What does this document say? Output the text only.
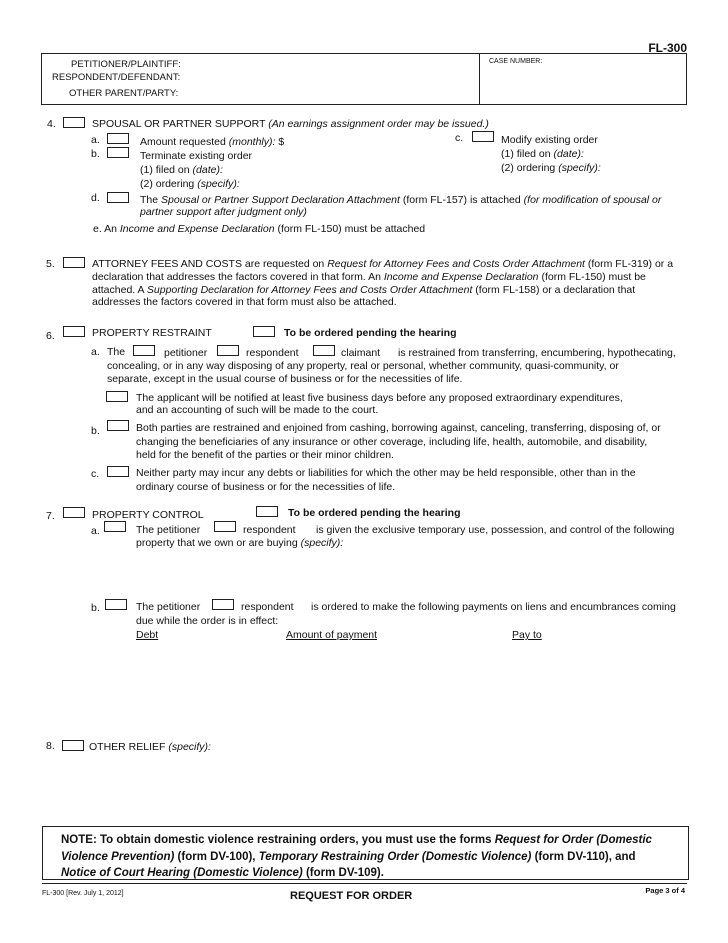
FL-300
PETITIONER/PLAINTIFF:
RESPONDENT/DEFENDANT:
OTHER PARENT/PARTY:
CASE NUMBER:
4.	SPOUSAL OR PARTNER SUPPORT (An earnings assignment order may be issued.)
a.	Amount requested (monthly): $
b.	Terminate existing order
(1) filed on (date):
(2) ordering (specify):
c.	Modify existing order
(1) filed on (date):
(2) ordering (specify):
d.	The Spousal or Partner Support Declaration Attachment (form FL-157) is attached (for modification of spousal or
partner support after judgment only)
e. An Income and Expense Declaration (form FL-150) must be attached
5.	ATTORNEY FEES AND COSTS are requested on Request for Attorney Fees and Costs Order Attachment (form FL-319) or a
declaration that addresses the factors covered in that form. An Income and Expense Declaration (form FL-150) must be
attached. A Supporting Declaration for Attorney Fees and Costs Order Attachment (form FL-158) or a declaration that
addresses the factors covered in that form must also be attached.
6.	PROPERTY RESTRAINT	To be ordered pending the hearing
a. The	petitioner	respondent	claimant is restrained from transferring, encumbering, hypothecating,
concealing, or in any way disposing of any property, real or personal, whether community, quasi-community, or
separate, except in the usual course of business or for the necessities of life.
The applicant will be notified at least five business days before any proposed extraordinary expenditures,
and an accounting of such will be made to the court.
b.	Both parties are restrained and enjoined from cashing, borrowing against, canceling, transferring, disposing of, or
changing the beneficiaries of any insurance or other coverage, including life, health, automobile, and disability,
held for the benefit of the parties or their minor children.
c.	Neither party may incur any debts or liabilities for which the other may be held responsible, other than in the
ordinary course of business or for the necessities of life.
7.	PROPERTY CONTROL	To be ordered pending the hearing
a.	The petitioner	respondent is given the exclusive temporary use, possession, and control of the following
property that we own or are buying (specify):
b.	The petitioner	respondent is ordered to make the following payments on liens and encumbrances coming
due while the order is in effect:
Debt	Amount of payment	Pay to
8.	OTHER RELIEF (specify):
NOTE: To obtain domestic violence restraining orders, you must use the forms Request for Order (Domestic Violence Prevention) (form DV-100), Temporary Restraining Order (Domestic Violence) (form DV-110), and Notice of Court Hearing (Domestic Violence) (form DV-109).
FL-300 [Rev. July 1, 2012]	REQUEST FOR ORDER	Page 3 of 4
